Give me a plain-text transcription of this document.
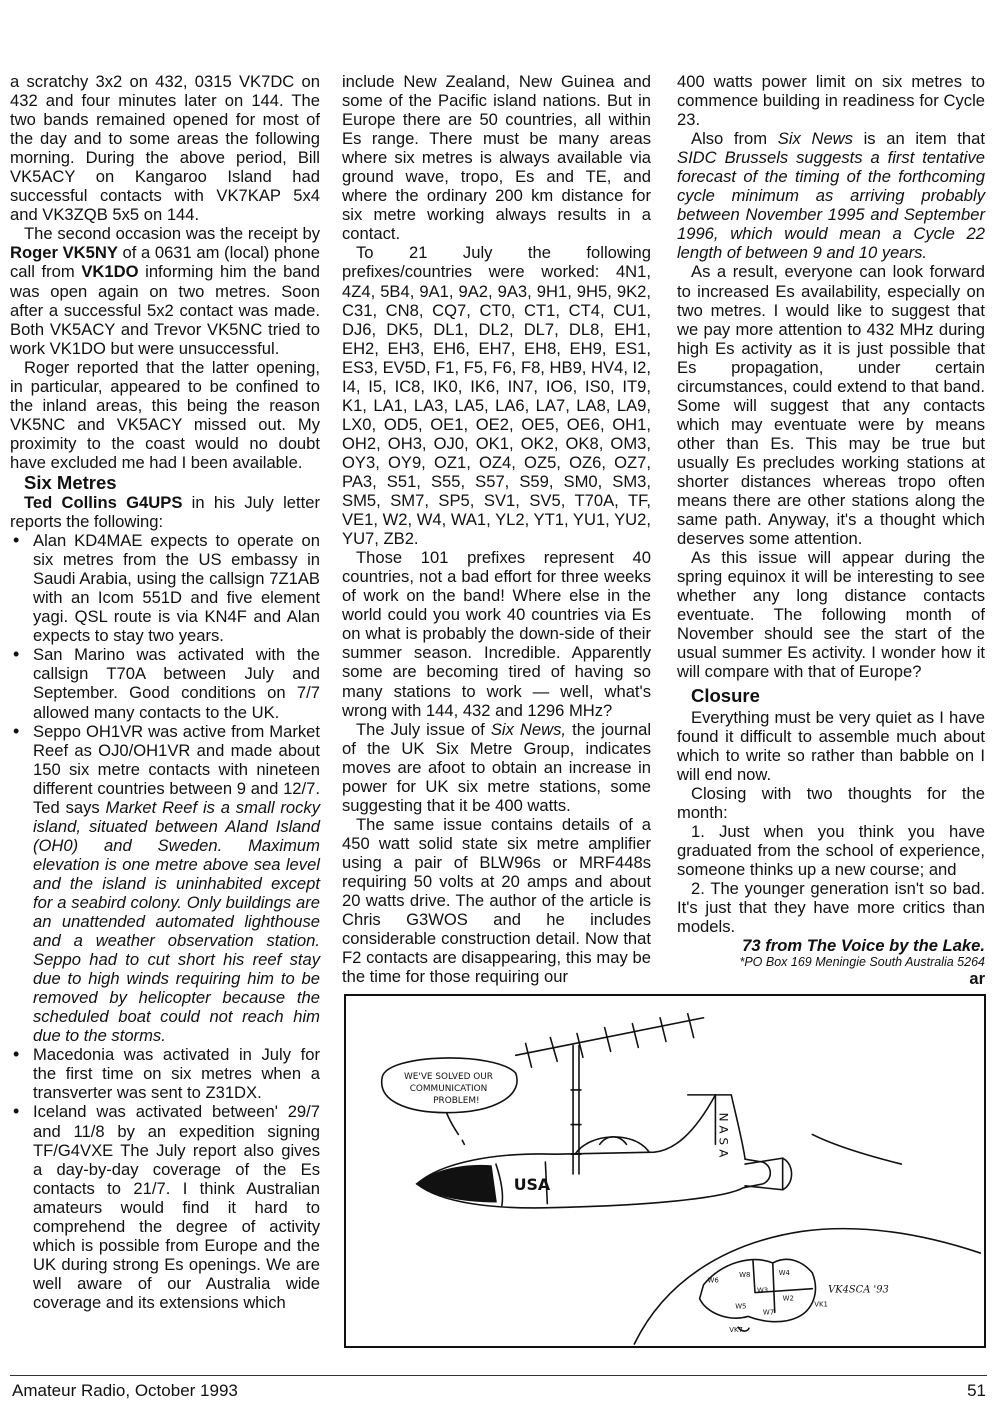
a scratchy 3x2 on 432, 0315 VK7DC on 432 and four minutes later on 144. The two bands remained opened for most of the day and to some areas the following morning. During the above period, Bill VK5ACY on Kangaroo Island had successful contacts with VK7KAP 5x4 and VK3ZQB 5x5 on 144.

The second occasion was the receipt by Roger VK5NY of a 0631 am (local) phone call from VK1DO informing him the band was open again on two metres. Soon after a successful 5x2 contact was made. Both VK5ACY and Trevor VK5NC tried to work VK1DO but were unsuccessful.

Roger reported that the latter opening, in particular, appeared to be confined to the inland areas, this being the reason VK5NC and VK5ACY missed out. My proximity to the coast would no doubt have excluded me had I been available.

Six Metres

Ted Collins G4UPS in his July letter reports the following:

• Alan KD4MAE expects to operate on six metres from the US embassy in Saudi Arabia, using the callsign 7Z1AB with an Icom 551D and five element yagi. QSL route is via KN4F and Alan expects to stay two years.
• San Marino was activated with the callsign T70A between July and September. Good conditions on 7/7 allowed many contacts to the UK.
• Seppo OH1VR was active from Market Reef as OJ0/OH1VR and made about 150 six metre contacts with nineteen different countries between 9 and 12/7. Ted says Market Reef is a small rocky island, situated between Aland Island (OH0) and Sweden. Maximum elevation is one metre above sea level and the island is uninhabited except for a seabird colony. Only buildings are an unattended automated lighthouse and a weather observation station. Seppo had to cut short his reef stay due to high winds requiring him to be removed by helicopter because the scheduled boat could not reach him due to the storms.
• Macedonia was activated in July for the first time on six metres when a transverter was sent to Z31DX.
• Iceland was activated between' 29/7 and 11/8 by an expedition signing TF/G4VXE The July report also gives a day-by-day coverage of the Es contacts to 21/7. I think Australian amateurs would find it hard to comprehend the degree of activity which is possible from Europe and the UK during strong Es openings. We are well aware of our Australia wide coverage and its extensions which

include New Zealand, New Guinea and some of the Pacific island nations. But in Europe there are 50 countries, all within Es range. There must be many areas where six metres is always available via ground wave, tropo, Es and TE, and where the ordinary 200 km distance for six metre working always results in a contact.

To 21 July the following prefixes/countries were worked: 4N1, 4Z4, 5B4, 9A1, 9A2, 9A3, 9H1, 9H5, 9K2, C31, CN8, CQ7, CT0, CT1, CT4, CU1, DJ6, DK5, DL1, DL2, DL7, DL8, EH1, EH2, EH3, EH6, EH7, EH8, EH9, ES1, ES3, EV5D, F1, F5, F6, F8, HB9, HV4, I2, I4, I5, IC8, IK0, IK6, IN7, IO6, IS0, IT9, K1, LA1, LA3, LA5, LA6, LA7, LA8, LA9, LX0, OD5, OE1, OE2, OE5, OE6, OH1, OH2, OH3, OJ0, OK1, OK2, OK8, OM3, OY3, OY9, OZ1, OZ4, OZ5, OZ6, OZ7, PA3, S51, S55, S57, S59, SM0, SM3, SM5, SM7, SP5, SV1, SV5, T70A, TF, VE1, W2, W4, WA1, YL2, YT1, YU1, YU2, YU7, ZB2.

Those 101 prefixes represent 40 countries, not a bad effort for three weeks of work on the band! Where else in the world could you work 40 countries via Es on what is probably the down-side of their summer season. Incredible. Apparently some are becoming tired of having so many stations to work — well, what's wrong with 144, 432 and 1296 MHz?

The July issue of Six News, the journal of the UK Six Metre Group, indicates moves are afoot to obtain an increase in power for UK six metre stations, some suggesting that it be 400 watts.

The same issue contains details of a 450 watt solid state six metre amplifier using a pair of BLW96s or MRF448s requiring 50 volts at 20 amps and about 20 watts drive. The author of the article is Chris G3WOS and he includes considerable construction detail. Now that F2 contacts are disappearing, this may be the time for those requiring our

400 watts power limit on six metres to commence building in readiness for Cycle 23.

Also from Six News is an item that SIDC Brussels suggests a first tentative forecast of the timing of the forthcoming cycle minimum as arriving probably between November 1995 and September 1996, which would mean a Cycle 22 length of between 9 and 10 years.

As a result, everyone can look forward to increased Es availability, especially on two metres. I would like to suggest that we pay more attention to 432 MHz during high Es activity as it is just possible that Es propagation, under certain circumstances, could extend to that band. Some will suggest that any contacts which may eventuate were by means other than Es. This may be true but usually Es precludes working stations at shorter distances whereas tropo often means there are other stations along the same path. Anyway, it's a thought which deserves some attention.

As this issue will appear during the spring equinox it will be interesting to see whether any long distance contacts eventuate. The following month of November should see the start of the usual summer Es activity. I wonder how it will compare with that of Europe?

Closure

Everything must be very quiet as I have found it difficult to assemble much about which to write so rather than babble on I will end now.

Closing with two thoughts for the month:

1. Just when you think you have graduated from the school of experience, someone thinks up a new course; and

2. The younger generation isn't so bad. It's just that they have more critics than models.

73 from The Voice by the Lake.

*PO Box 169 Meningie South Australia 5264

ar

WE'VE SOLVED OUR
COMMUNICATION
PROBLEM!
NASA
USA
W6
W8	W4
W3
W5
W2
W7
VK1
VK7
VK4SCA '93
Amateur Radio, October 1993	51
